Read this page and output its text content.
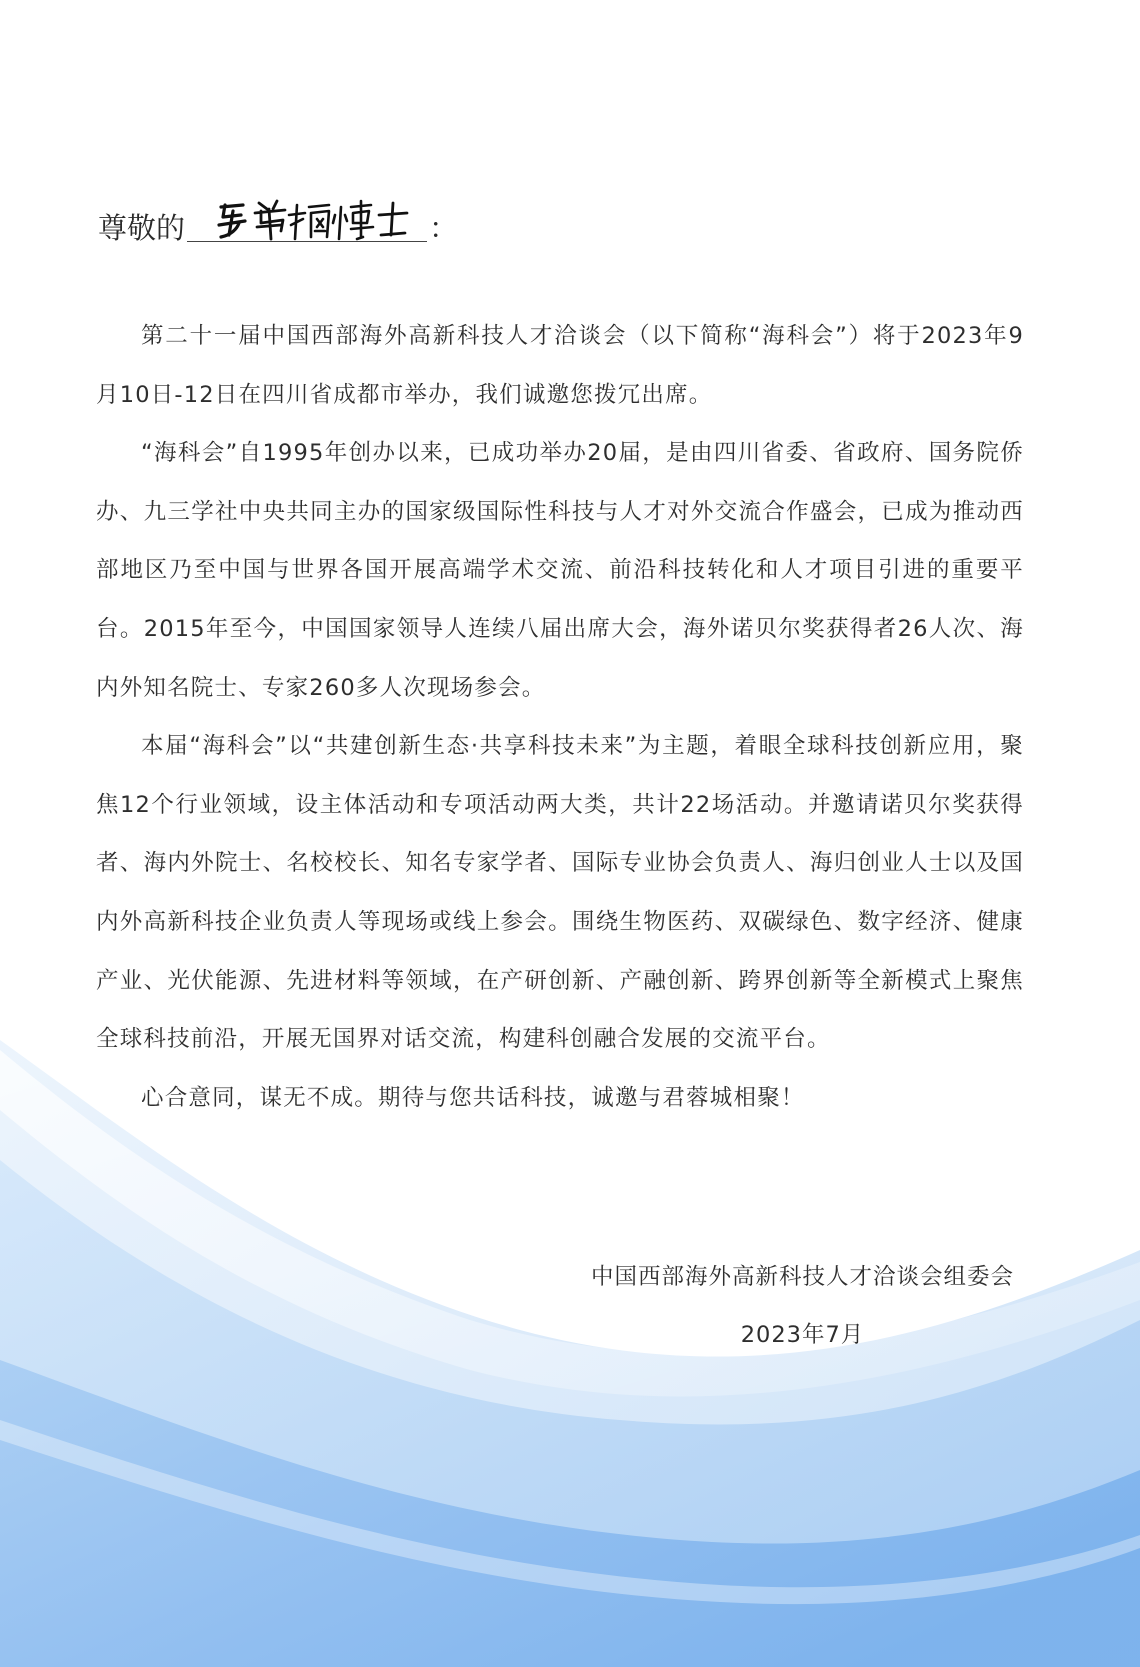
尊敬的	：

第二十一届中国西部海外高新科技人才洽谈会（以下简称“海科会”）将于2023年9月10日-12日在四川省成都市举办，我们诚邀您拨冗出席。

“海科会”自1995年创办以来，已成功举办20届，是由四川省委、省政府、国务院侨办、九三学社中央共同主办的国家级国际性科技与人才对外交流合作盛会，已成为推动西部地区乃至中国与世界各国开展高端学术交流、前沿科技转化和人才项目引进的重要平台。2015年至今，中国国家领导人连续八届出席大会，海外诺贝尔奖获得者26人次、海内外知名院士、专家260多人次现场参会。

本届“海科会”以“共建创新生态·共享科技未来”为主题，着眼全球科技创新应用，聚焦12个行业领域，设主体活动和专项活动两大类，共计22场活动。并邀请诺贝尔奖获得者、海内外院士、名校校长、知名专家学者、国际专业协会负责人、海归创业人士以及国内外高新科技企业负责人等现场或线上参会。围绕生物医药、双碳绿色、数字经济、健康产业、光伏能源、先进材料等领域，在产研创新、产融创新、跨界创新等全新模式上聚焦全球科技前沿，开展无国界对话交流，构建科创融合发展的交流平台。

心合意同，谋无不成。期待与您共话科技，诚邀与君蓉城相聚！

中国西部海外高新科技人才洽谈会组委会
2023年7月
